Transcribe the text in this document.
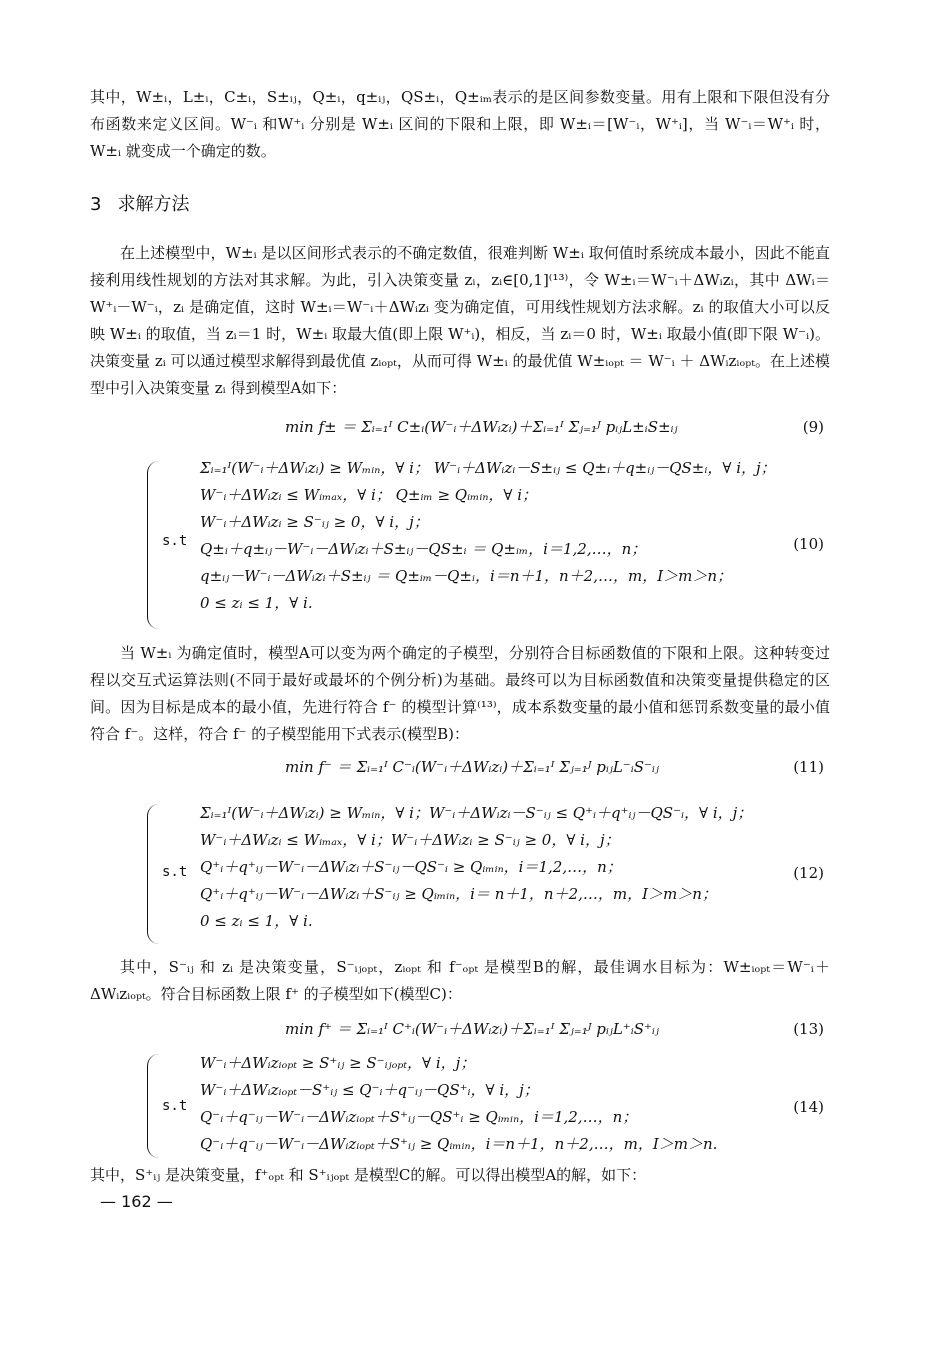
其中，W±ᵢ，L±ᵢ，C±ᵢ，S±ᵢⱼ，Q±ᵢ，q±ᵢⱼ，QS±ᵢ，Q±ᵢₘ表示的是区间参数变量。用有上限和下限但没有分布函数来定义区间。W⁻ᵢ 和W⁺ᵢ 分别是 W±ᵢ 区间的下限和上限，即 W±ᵢ＝[W⁻ᵢ，W⁺ᵢ]，当 W⁻ᵢ＝W⁺ᵢ 时，W±ᵢ 就变成一个确定的数。

3 求解方法

在上述模型中，W±ᵢ 是以区间形式表示的不确定数值，很难判断 W±ᵢ 取何值时系统成本最小，因此不能直接利用线性规划的方法对其求解。为此，引入决策变量 zᵢ，zᵢ∈[0,1]⁽¹³⁾，令 W±ᵢ＝W⁻ᵢ＋ΔWᵢzᵢ，其中 ΔWᵢ＝W⁺ᵢ－W⁻ᵢ，zᵢ 是确定值，这时 W±ᵢ＝W⁻ᵢ＋ΔWᵢzᵢ 变为确定值，可用线性规划方法求解。zᵢ 的取值大小可以反映 W±ᵢ 的取值，当 zᵢ＝1 时，W±ᵢ 取最大值(即上限 W⁺ᵢ)，相反，当 zᵢ＝0 时，W±ᵢ 取最小值(即下限 W⁻ᵢ)。决策变量 zᵢ 可以通过模型求解得到最优值 zᵢₒₚₜ，从而可得 W±ᵢ 的最优值 W±ᵢₒₚₜ ＝ W⁻ᵢ ＋ ΔWᵢzᵢₒₚₜ。在上述模型中引入决策变量 zᵢ 得到模型A如下：

min f± ＝ Σᵢ₌₁ᴵ C±ᵢ(W⁻ᵢ＋ΔWᵢzᵢ)＋Σᵢ₌₁ᴵ Σⱼ₌₁ᴶ pᵢⱼL±ᵢS±ᵢⱼ	(9)
s.t
Σᵢ₌₁ᴵ(W⁻ᵢ＋ΔWᵢzᵢ) ≥ Wₘᵢₙ，∀ i； W⁻ᵢ＋ΔWᵢzᵢ－S±ᵢⱼ ≤ Q±ᵢ＋q±ᵢⱼ－QS±ᵢ，∀ i，j；
W⁻ᵢ＋ΔWᵢzᵢ ≤ Wᵢₘₐₓ，∀ i； Q±ᵢₘ ≥ Qᵢₘᵢₙ，∀ i；
W⁻ᵢ＋ΔWᵢzᵢ ≥ S⁻ᵢⱼ ≥ 0，∀ i，j；
Q±ᵢ＋q±ᵢⱼ－W⁻ᵢ－ΔWᵢzᵢ＋S±ᵢⱼ－QS±ᵢ ＝ Q±ᵢₘ，i＝1,2,…，n；
q±ᵢⱼ－W⁻ᵢ－ΔWᵢzᵢ＋S±ᵢⱼ ＝ Q±ᵢₘ－Q±ᵢ，i＝n＋1，n＋2,…，m，I＞m＞n；
0 ≤ zᵢ ≤ 1，∀ i.
(10)

当 W±ᵢ 为确定值时，模型A可以变为两个确定的子模型，分别符合目标函数值的下限和上限。这种转变过程以交互式运算法则(不同于最好或最坏的个例分析)为基础。最终可以为目标函数值和决策变量提供稳定的区间。因为目标是成本的最小值，先进行符合 f⁻ 的模型计算⁽¹³⁾，成本系数变量的最小值和惩罚系数变量的最小值符合 f⁻。这样，符合 f⁻ 的子模型能用下式表示(模型B)：

min f⁻ ＝ Σᵢ₌₁ᴵ C⁻ᵢ(W⁻ᵢ＋ΔWᵢzᵢ)＋Σᵢ₌₁ᴵ Σⱼ₌₁ᴶ pᵢⱼL⁻ᵢS⁻ᵢⱼ	(11)
s.t
Σᵢ₌₁ᴵ(W⁻ᵢ＋ΔWᵢzᵢ) ≥ Wₘᵢₙ，∀ i；W⁻ᵢ＋ΔWᵢzᵢ－S⁻ᵢⱼ ≤ Q⁺ᵢ＋q⁺ᵢⱼ－QS⁻ᵢ，∀ i，j；
W⁻ᵢ＋ΔWᵢzᵢ ≤ Wᵢₘₐₓ，∀ i；W⁻ᵢ＋ΔWᵢzᵢ ≥ S⁻ᵢⱼ ≥ 0，∀ i，j；
Q⁺ᵢ＋q⁺ᵢⱼ－W⁻ᵢ－ΔWᵢzᵢ＋S⁻ᵢⱼ－QS⁻ᵢ ≥ Qᵢₘᵢₙ，i＝1,2,…，n；
Q⁺ᵢ＋q⁺ᵢⱼ－W⁻ᵢ－ΔWᵢzᵢ＋S⁻ᵢⱼ ≥ Qᵢₘᵢₙ，i＝ n＋1，n＋2,…，m，I＞m＞n；
0 ≤ zᵢ ≤ 1，∀ i.
(12)

其中，S⁻ᵢⱼ 和 zᵢ 是决策变量，S⁻ᵢⱼₒₚₜ，zᵢₒₚₜ 和 f⁻ₒₚₜ 是模型B的解，最佳调水目标为：W±ᵢₒₚₜ＝W⁻ᵢ＋ΔWᵢzᵢₒₚₜ。符合目标函数上限 f⁺ 的子模型如下(模型C)：

min f⁺ ＝ Σᵢ₌₁ᴵ C⁺ᵢ(W⁻ᵢ＋ΔWᵢzᵢ)＋Σᵢ₌₁ᴵ Σⱼ₌₁ᴶ pᵢⱼL⁺ᵢS⁺ᵢⱼ	(13)
s.t
W⁻ᵢ＋ΔWᵢzᵢₒₚₜ ≥ S⁺ᵢⱼ ≥ S⁻ᵢⱼₒₚₜ，∀ i，j；
W⁻ᵢ＋ΔWᵢzᵢₒₚₜ－S⁺ᵢⱼ ≤ Q⁻ᵢ＋q⁻ᵢⱼ－QS⁺ᵢ，∀ i，j；
Q⁻ᵢ＋q⁻ᵢⱼ－W⁻ᵢ－ΔWᵢzᵢₒₚₜ＋S⁺ᵢⱼ－QS⁺ᵢ ≥ Qᵢₘᵢₙ，i＝1,2,…，n；
Q⁻ᵢ＋q⁻ᵢⱼ－W⁻ᵢ－ΔWᵢzᵢₒₚₜ＋S⁺ᵢⱼ ≥ Qᵢₘᵢₙ，i＝n＋1，n＋2,…，m，I＞m＞n.
(14)

其中，S⁺ᵢⱼ 是决策变量，f⁺ₒₚₜ 和 S⁺ᵢⱼₒₚₜ 是模型C的解。可以得出模型A的解，如下：

— 162 —
